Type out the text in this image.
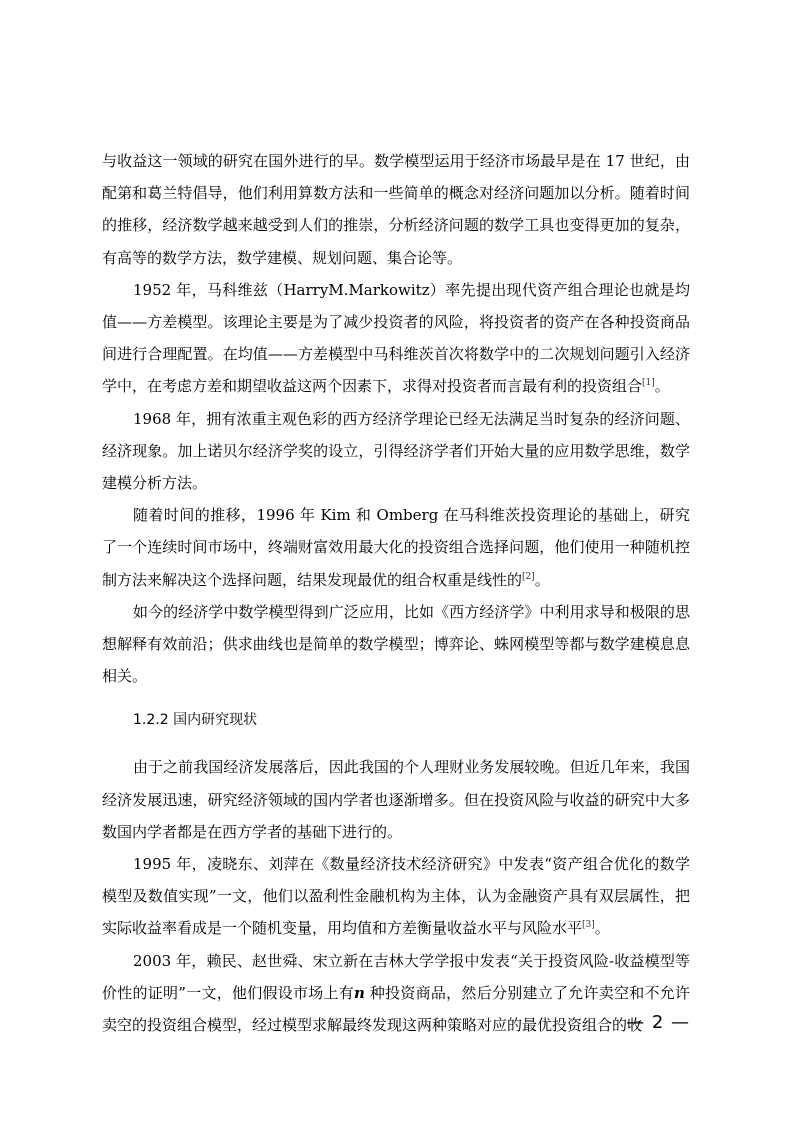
与收益这一领域的研究在国外进行的早。数学模型运用于经济市场最早是在 17 世纪，由配第和葛兰特倡导，他们利用算数方法和一些简单的概念对经济问题加以分析。随着时间的推移，经济数学越来越受到人们的推崇，分析经济问题的数学工具也变得更加的复杂，有高等的数学方法，数学建模、规划问题、集合论等。

1952 年，马科维兹（HarryM.Markowitz）率先提出现代资产组合理论也就是均值——方差模型。该理论主要是为了减少投资者的风险，将投资者的资产在各种投资商品间进行合理配置。在均值——方差模型中马科维茨首次将数学中的二次规划问题引入经济学中，在考虑方差和期望收益这两个因素下，求得对投资者而言最有利的投资组合[1]。

1968 年，拥有浓重主观色彩的西方经济学理论已经无法满足当时复杂的经济问题、经济现象。加上诺贝尔经济学奖的设立，引得经济学者们开始大量的应用数学思维，数学建模分析方法。

随着时间的推移，1996 年 Kim 和 Omberg 在马科维茨投资理论的基础上，研究了一个连续时间市场中，终端财富效用最大化的投资组合选择问题，他们使用一种随机控制方法来解决这个选择问题，结果发现最优的组合权重是线性的[2]。

如今的经济学中数学模型得到广泛应用，比如《西方经济学》中利用求导和极限的思想解释有效前沿；供求曲线也是简单的数学模型；博弈论、蛛网模型等都与数学建模息息相关。

1.2.2 国内研究现状

由于之前我国经济发展落后，因此我国的个人理财业务发展较晚。但近几年来，我国经济发展迅速，研究经济领域的国内学者也逐渐增多。但在投资风险与收益的研究中大多数国内学者都是在西方学者的基础下进行的。

1995 年，凌晓东、刘萍在《数量经济技术经济研究》中发表“资产组合优化的数学模型及数值实现”一文，他们以盈利性金融机构为主体，认为金融资产具有双层属性，把实际收益率看成是一个随机变量，用均值和方差衡量收益水平与风险水平[3]。

2003 年，赖民、赵世舜、宋立新在吉林大学学报中发表“关于投资风险-收益模型等价性的证明”一文，他们假设市场上有n 种投资商品，然后分别建立了允许卖空和不允许卖空的投资组合模型，经过模型求解最终发现这两种策略对应的最优投资组合的收

— 2 —
